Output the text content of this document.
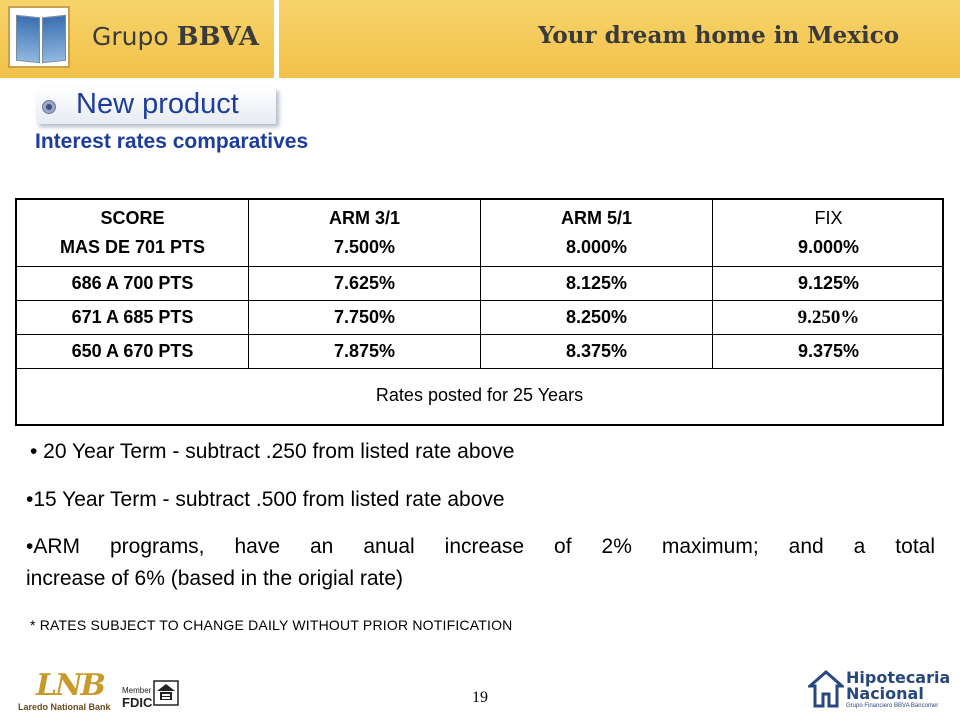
Grupo BBVA	Your dream home in Mexico
New product
Interest rates comparatives
SCORE	ARM 3/1	ARM 5/1	FIX
MAS DE 701 PTS	7.500%	8.000%	9.000%
686 A 700 PTS	7.625%	8.125%	9.125%
671 A 685 PTS	7.750%	8.250%	9.250%
650 A 670 PTS	7.875%	8.375%	9.375%
Rates posted for 25 Years
• 20 Year Term - subtract .250 from listed rate above
•15 Year Term - subtract .500 from listed rate above
•ARM programs, have an anual increase of 2% maximum; and a total
increase of 6% (based in the origial rate)
* RATES SUBJECT TO CHANGE DAILY WITHOUT PRIOR NOTIFICATION
LNB
Laredo National Bank
Member
FDIC	19
Hipotecaria
Nacional
Grupo Financiero BBVA Bancomer
